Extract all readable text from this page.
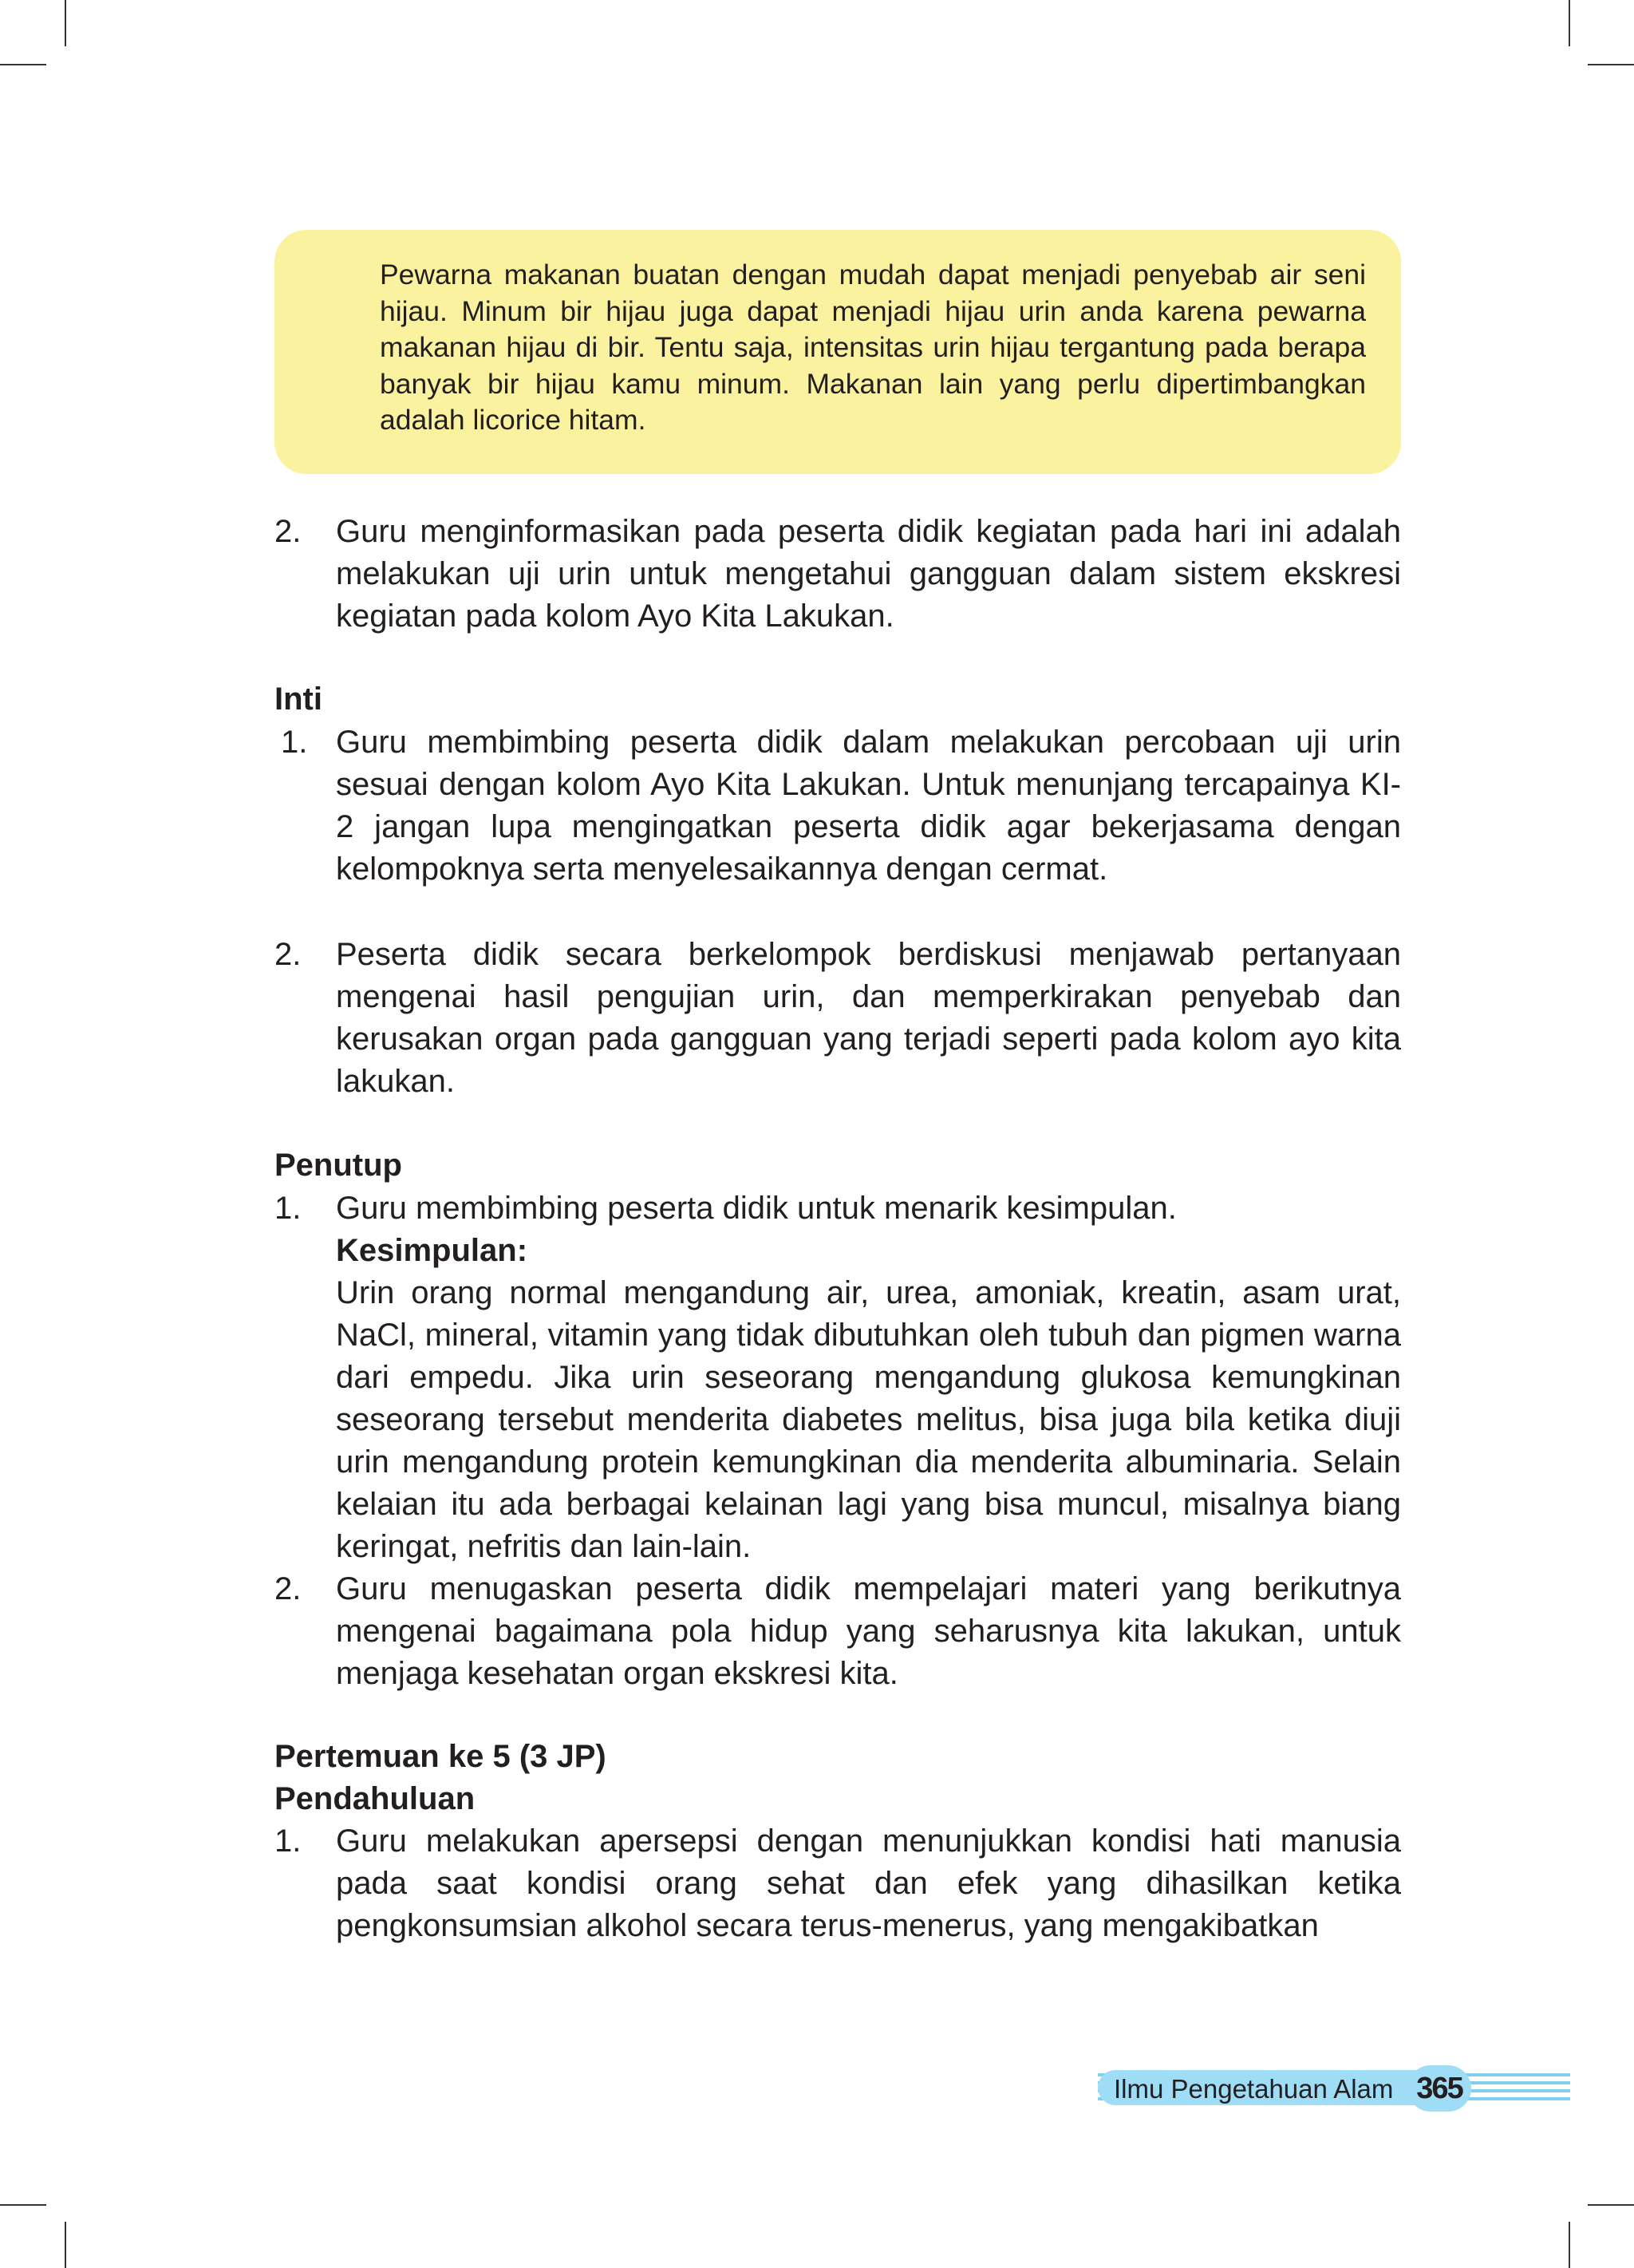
Pewarna makanan buatan dengan mudah dapat menjadi penyebab air seni hijau. Minum bir hijau juga dapat menjadi hijau urin anda karena pewarna makanan hijau di bir. Tentu saja, intensitas urin hijau tergantung pada berapa banyak bir hijau kamu minum. Makanan lain yang perlu dipertimbangkan adalah licorice hitam.

2. Guru menginformasikan pada peserta didik kegiatan pada hari ini adalah melakukan uji urin untuk mengetahui gangguan dalam sistem ekskresi kegiatan pada kolom Ayo Kita Lakukan.
Inti
1. Guru membimbing peserta didik dalam melakukan percobaan uji urin sesuai dengan kolom Ayo Kita Lakukan. Untuk menunjang tercapainya KI-2 jangan lupa mengingatkan peserta didik agar bekerjasama dengan kelompoknya serta menyelesaikannya dengan cermat.
2. Peserta didik secara berkelompok berdiskusi menjawab pertanyaan mengenai hasil pengujian urin, dan memperkirakan penyebab dan kerusakan organ pada gangguan yang terjadi seperti pada kolom ayo kita lakukan.
Penutup
1. Guru membimbing peserta didik untuk menarik kesimpulan.
Kesimpulan:
Urin orang normal mengandung air, urea, amoniak, kreatin, asam urat, NaCl, mineral, vitamin yang tidak dibutuhkan oleh tubuh dan pigmen warna dari empedu. Jika urin seseorang mengandung glukosa kemungkinan seseorang tersebut menderita diabetes melitus, bisa juga bila ketika diuji urin mengandung protein kemungkinan dia menderita albuminaria. Selain kelaian itu ada berbagai kelainan lagi yang bisa muncul, misalnya biang keringat, nefritis dan lain-lain.
2. Guru menugaskan peserta didik mempelajari materi yang berikutnya mengenai bagaimana pola hidup yang seharusnya kita lakukan, untuk menjaga kesehatan organ ekskresi kita.
Pertemuan ke 5 (3 JP)
Pendahuluan
1. Guru melakukan apersepsi dengan menunjukkan kondisi hati manusia pada saat kondisi orang sehat dan efek yang dihasilkan ketika pengkonsumsian alkohol secara terus-menerus, yang mengakibatkan
Ilmu Pengetahuan Alam 365
